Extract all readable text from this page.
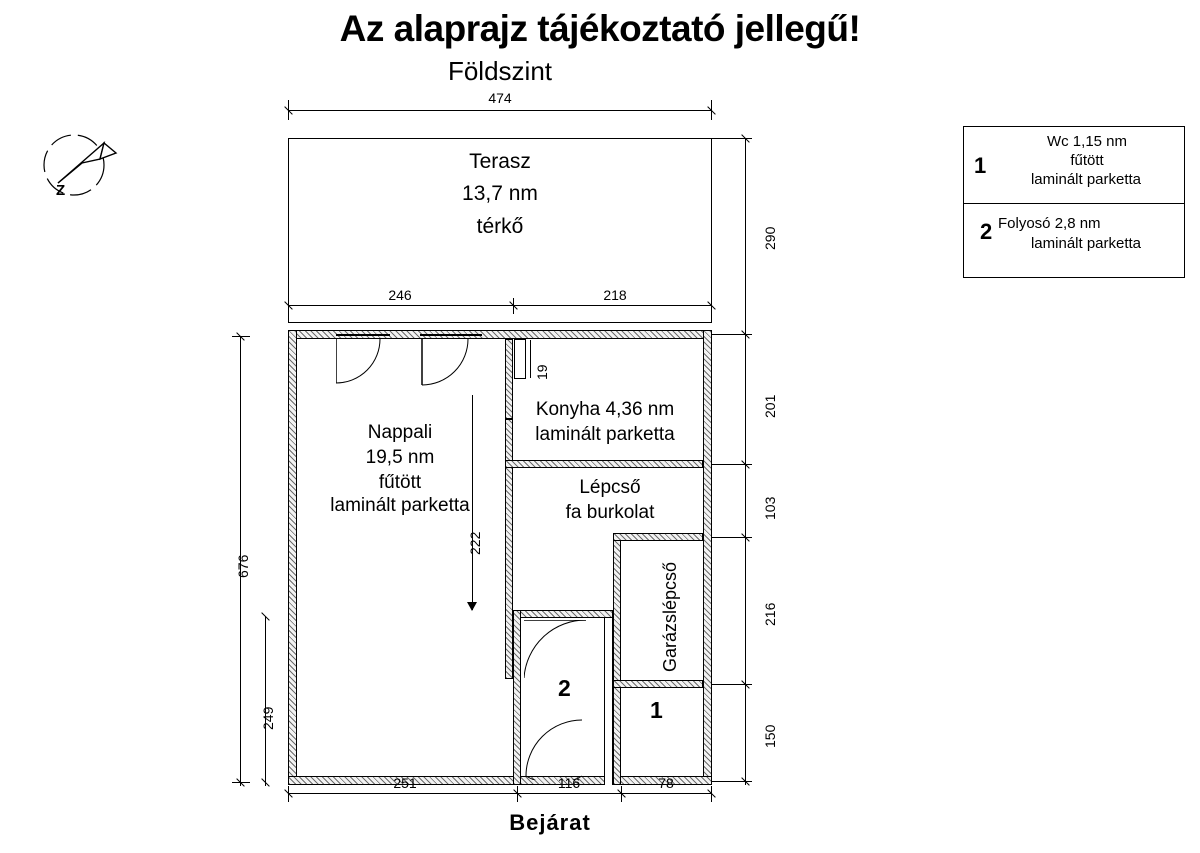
Az alaprajz tájékoztató jellegű!
Földszint
Bejárat
Z
1
Wc 1,15 nm
fűtött
laminált parketta
2 Folyosó 2,8 nm
laminált parketta
474
Terasz
13,7 nm
térkő
246	218
Nappali
19,5 nm
fűtött
laminált parketta
Konyha 4,36 nm
laminált parketta
Lépcső
fa burkolat
Garázslépcső
2
1
290
201
103
216
150
676
249
222
19
251	116	78
